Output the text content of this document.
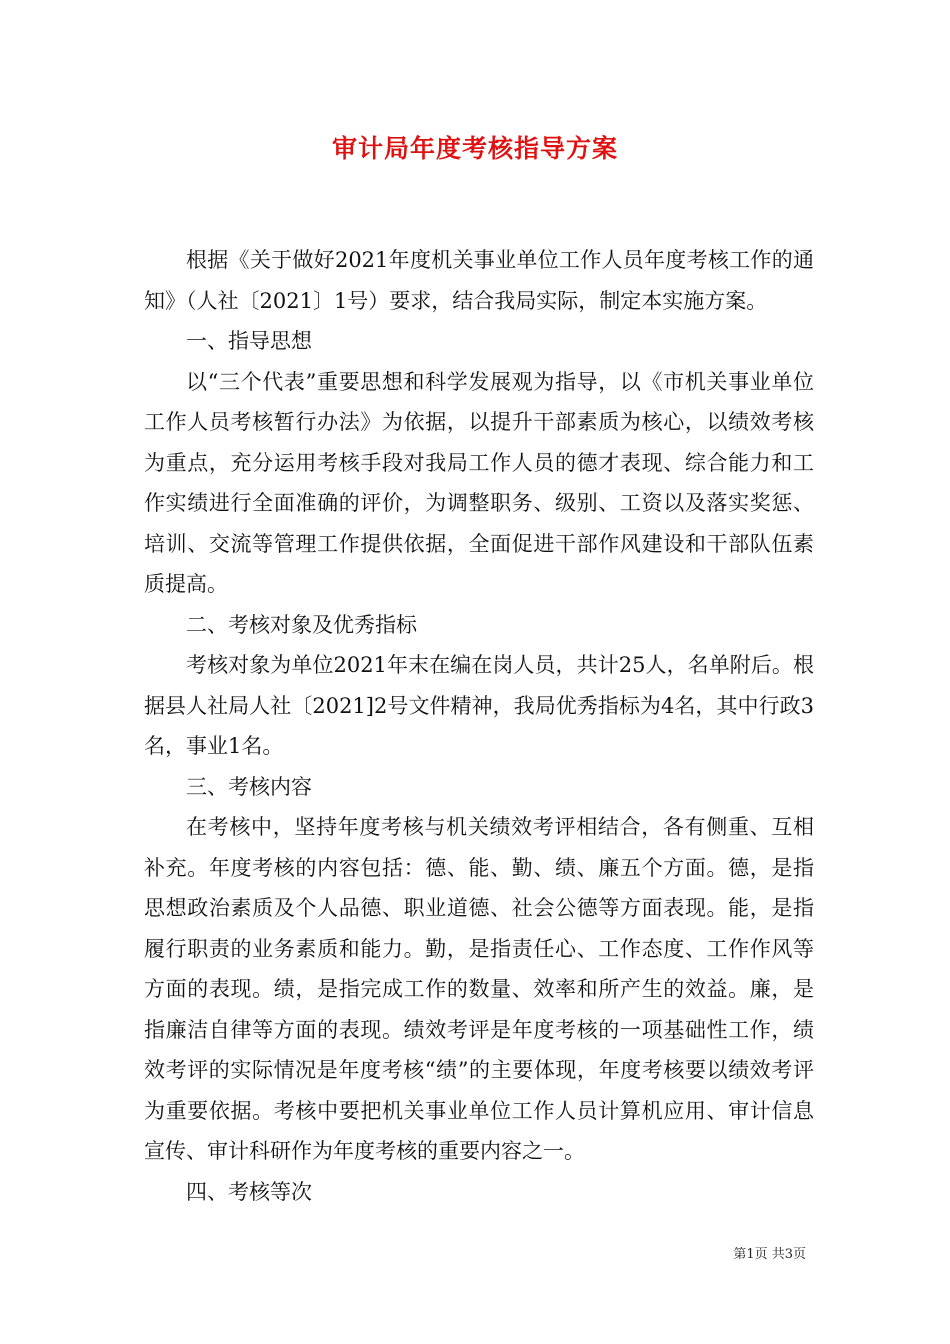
审计局年度考核指导方案

根据《关于做好2021年度机关事业单位工作人员年度考核工作的通知》（人社〔2021〕1号）要求，结合我局实际，制定本实施方案。

一、指导思想

以“三个代表”重要思想和科学发展观为指导，以《市机关事业单位工作人员考核暂行办法》为依据，以提升干部素质为核心，以绩效考核为重点，充分运用考核手段对我局工作人员的德才表现、综合能力和工作实绩进行全面准确的评价，为调整职务、级别、工资以及落实奖惩、培训、交流等管理工作提供依据，全面促进干部作风建设和干部队伍素质提高。

二、考核对象及优秀指标

考核对象为单位2021年末在编在岗人员，共计25人，名单附后。根据县人社局人社〔2021]2号文件精神，我局优秀指标为4名，其中行政3名，事业1名。

三、考核内容

在考核中，坚持年度考核与机关绩效考评相结合，各有侧重、互相补充。年度考核的内容包括：德、能、勤、绩、廉五个方面。德，是指思想政治素质及个人品德、职业道德、社会公德等方面表现。能，是指履行职责的业务素质和能力。勤，是指责任心、工作态度、工作作风等方面的表现。绩，是指完成工作的数量、效率和所产生的效益。廉，是指廉洁自律等方面的表现。绩效考评是年度考核的一项基础性工作，绩效考评的实际情况是年度考核“绩”的主要体现，年度考核要以绩效考评为重要依据。考核中要把机关事业单位工作人员计算机应用、审计信息宣传、审计科研作为年度考核的重要内容之一。

四、考核等次

第1页 共3页
